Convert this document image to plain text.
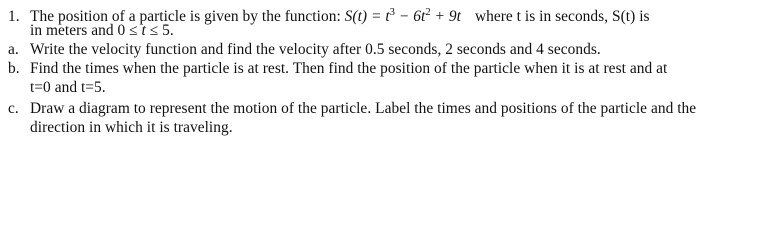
1. The position of a particle is given by the function: $S(t) = t^3 - 6t^2 + 9t$ where t is in seconds, S(t) is
in meters and 0 ≤ t ≤ 5.
a. Write the velocity function and find the velocity after 0.5 seconds, 2 seconds and 4 seconds.
b. Find the times when the particle is at rest. Then find the position of the particle when it is at rest and at
t=0 and t=5.
c. Draw a diagram to represent the motion of the particle. Label the times and positions of the particle and the
direction in which it is traveling.
